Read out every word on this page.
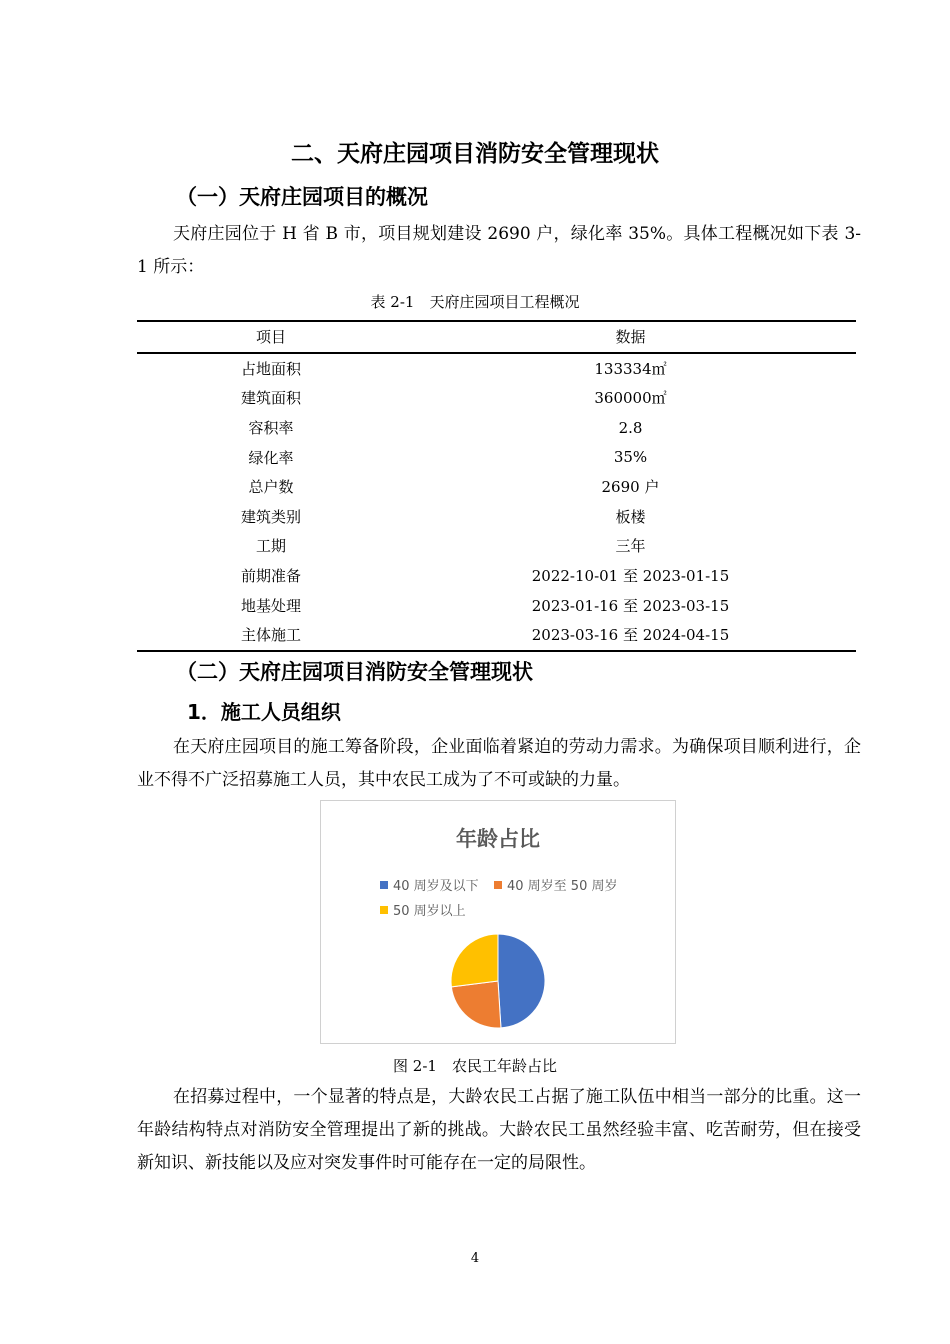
二、天府庄园项目消防安全管理现状
（一）天府庄园项目的概况
天府庄园位于 H 省 B 市，项目规划建设 2690 户，绿化率 35%。具体工程概况如下表 3-1 所示：
表 2-1　天府庄园项目工程概况
项目	数据
占地面积	133334㎡
建筑面积	360000㎡
容积率	2.8
绿化率	35%
总户数	2690 户
建筑类别	板楼
工期	三年
前期准备	2022-10-01 至 2023-01-15
地基处理	2023-01-16 至 2023-03-15
主体施工	2023-03-16 至 2024-04-15
（二）天府庄园项目消防安全管理现状
1．施工人员组织
在天府庄园项目的施工筹备阶段，企业面临着紧迫的劳动力需求。为确保项目顺利进行，企业不得不广泛招募施工人员，其中农民工成为了不可或缺的力量。
年龄占比
40 周岁及以下 40 周岁至 50 周岁
50 周岁以上
图 2-1　农民工年龄占比
在招募过程中，一个显著的特点是，大龄农民工占据了施工队伍中相当一部分的比重。这一年龄结构特点对消防安全管理提出了新的挑战。大龄农民工虽然经验丰富、吃苦耐劳，但在接受新知识、新技能以及应对突发事件时可能存在一定的局限性。
4
